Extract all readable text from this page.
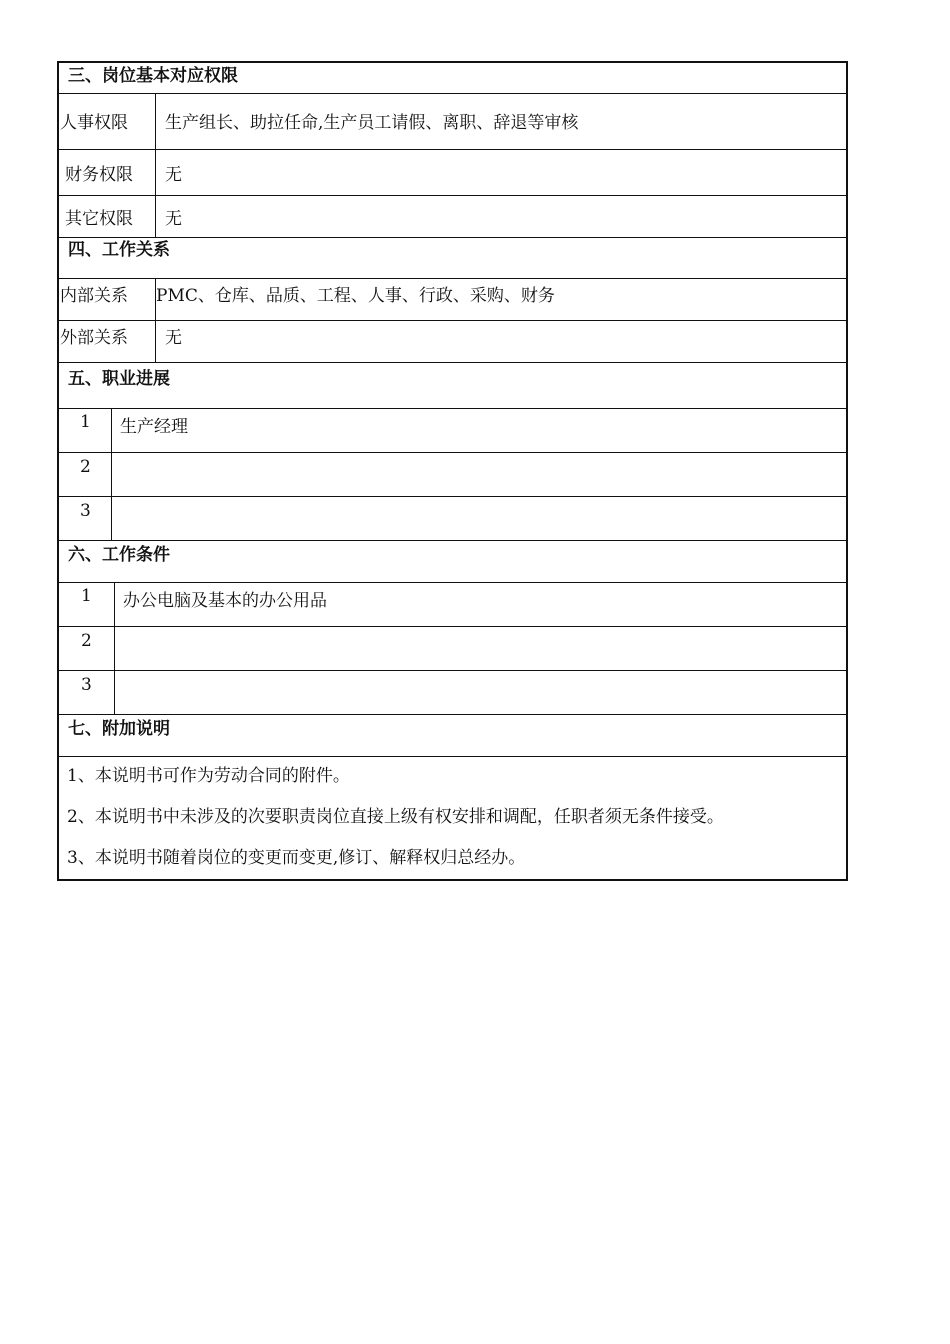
三、岗位基本对应权限
人事权限 生产组长、助拉任命,生产员工请假、离职、辞退等审核
财务权限 无
其它权限 无
四、工作关系
内部关系 PMC、仓库、品质、工程、人事、行政、采购、财务
外部关系 无
五、职业进展
1 生产经理
2
3
六、工作条件
1 办公电脑及基本的办公用品
2
3
七、附加说明
1、本说明书可作为劳动合同的附件。
2、本说明书中未涉及的次要职责岗位直接上级有权安排和调配，任职者须无条件接受。
3、本说明书随着岗位的变更而变更,修订、解释权归总经办。
